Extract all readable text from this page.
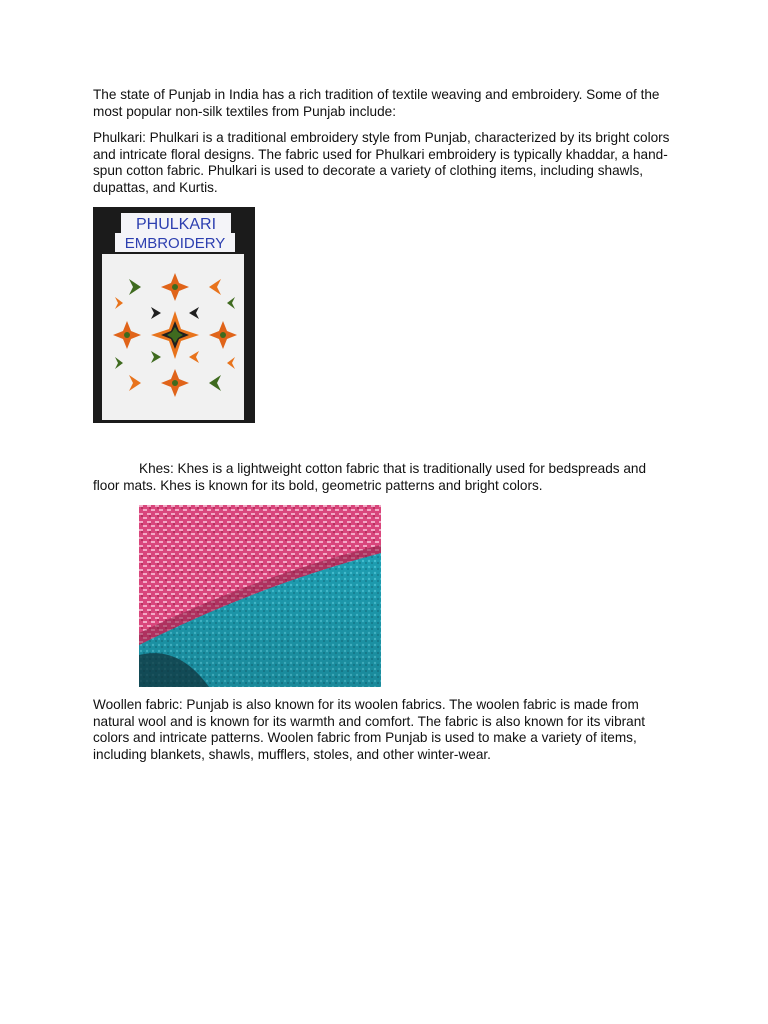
The state of Punjab in India has a rich tradition of textile weaving and embroidery. Some of the most popular non-silk textiles from Punjab include:

Phulkari: Phulkari is a traditional embroidery style from Punjab, characterized by its bright colors and intricate floral designs. The fabric used for Phulkari embroidery is typically khaddar, a hand-spun cotton fabric. Phulkari is used to decorate a variety of clothing items, including shawls, dupattas, and Kurtis.

PHULKARI
EMBROIDERY

Khes: Khes is a lightweight cotton fabric that is traditionally used for bedspreads and floor mats. Khes is known for its bold, geometric patterns and bright colors.

Woollen fabric: Punjab is also known for its woolen fabrics. The woolen fabric is made from natural wool and is known for its warmth and comfort. The fabric is also known for its vibrant colors and intricate patterns. Woolen fabric from Punjab is used to make a variety of items, including blankets, shawls, mufflers, stoles, and other winter-wear.
